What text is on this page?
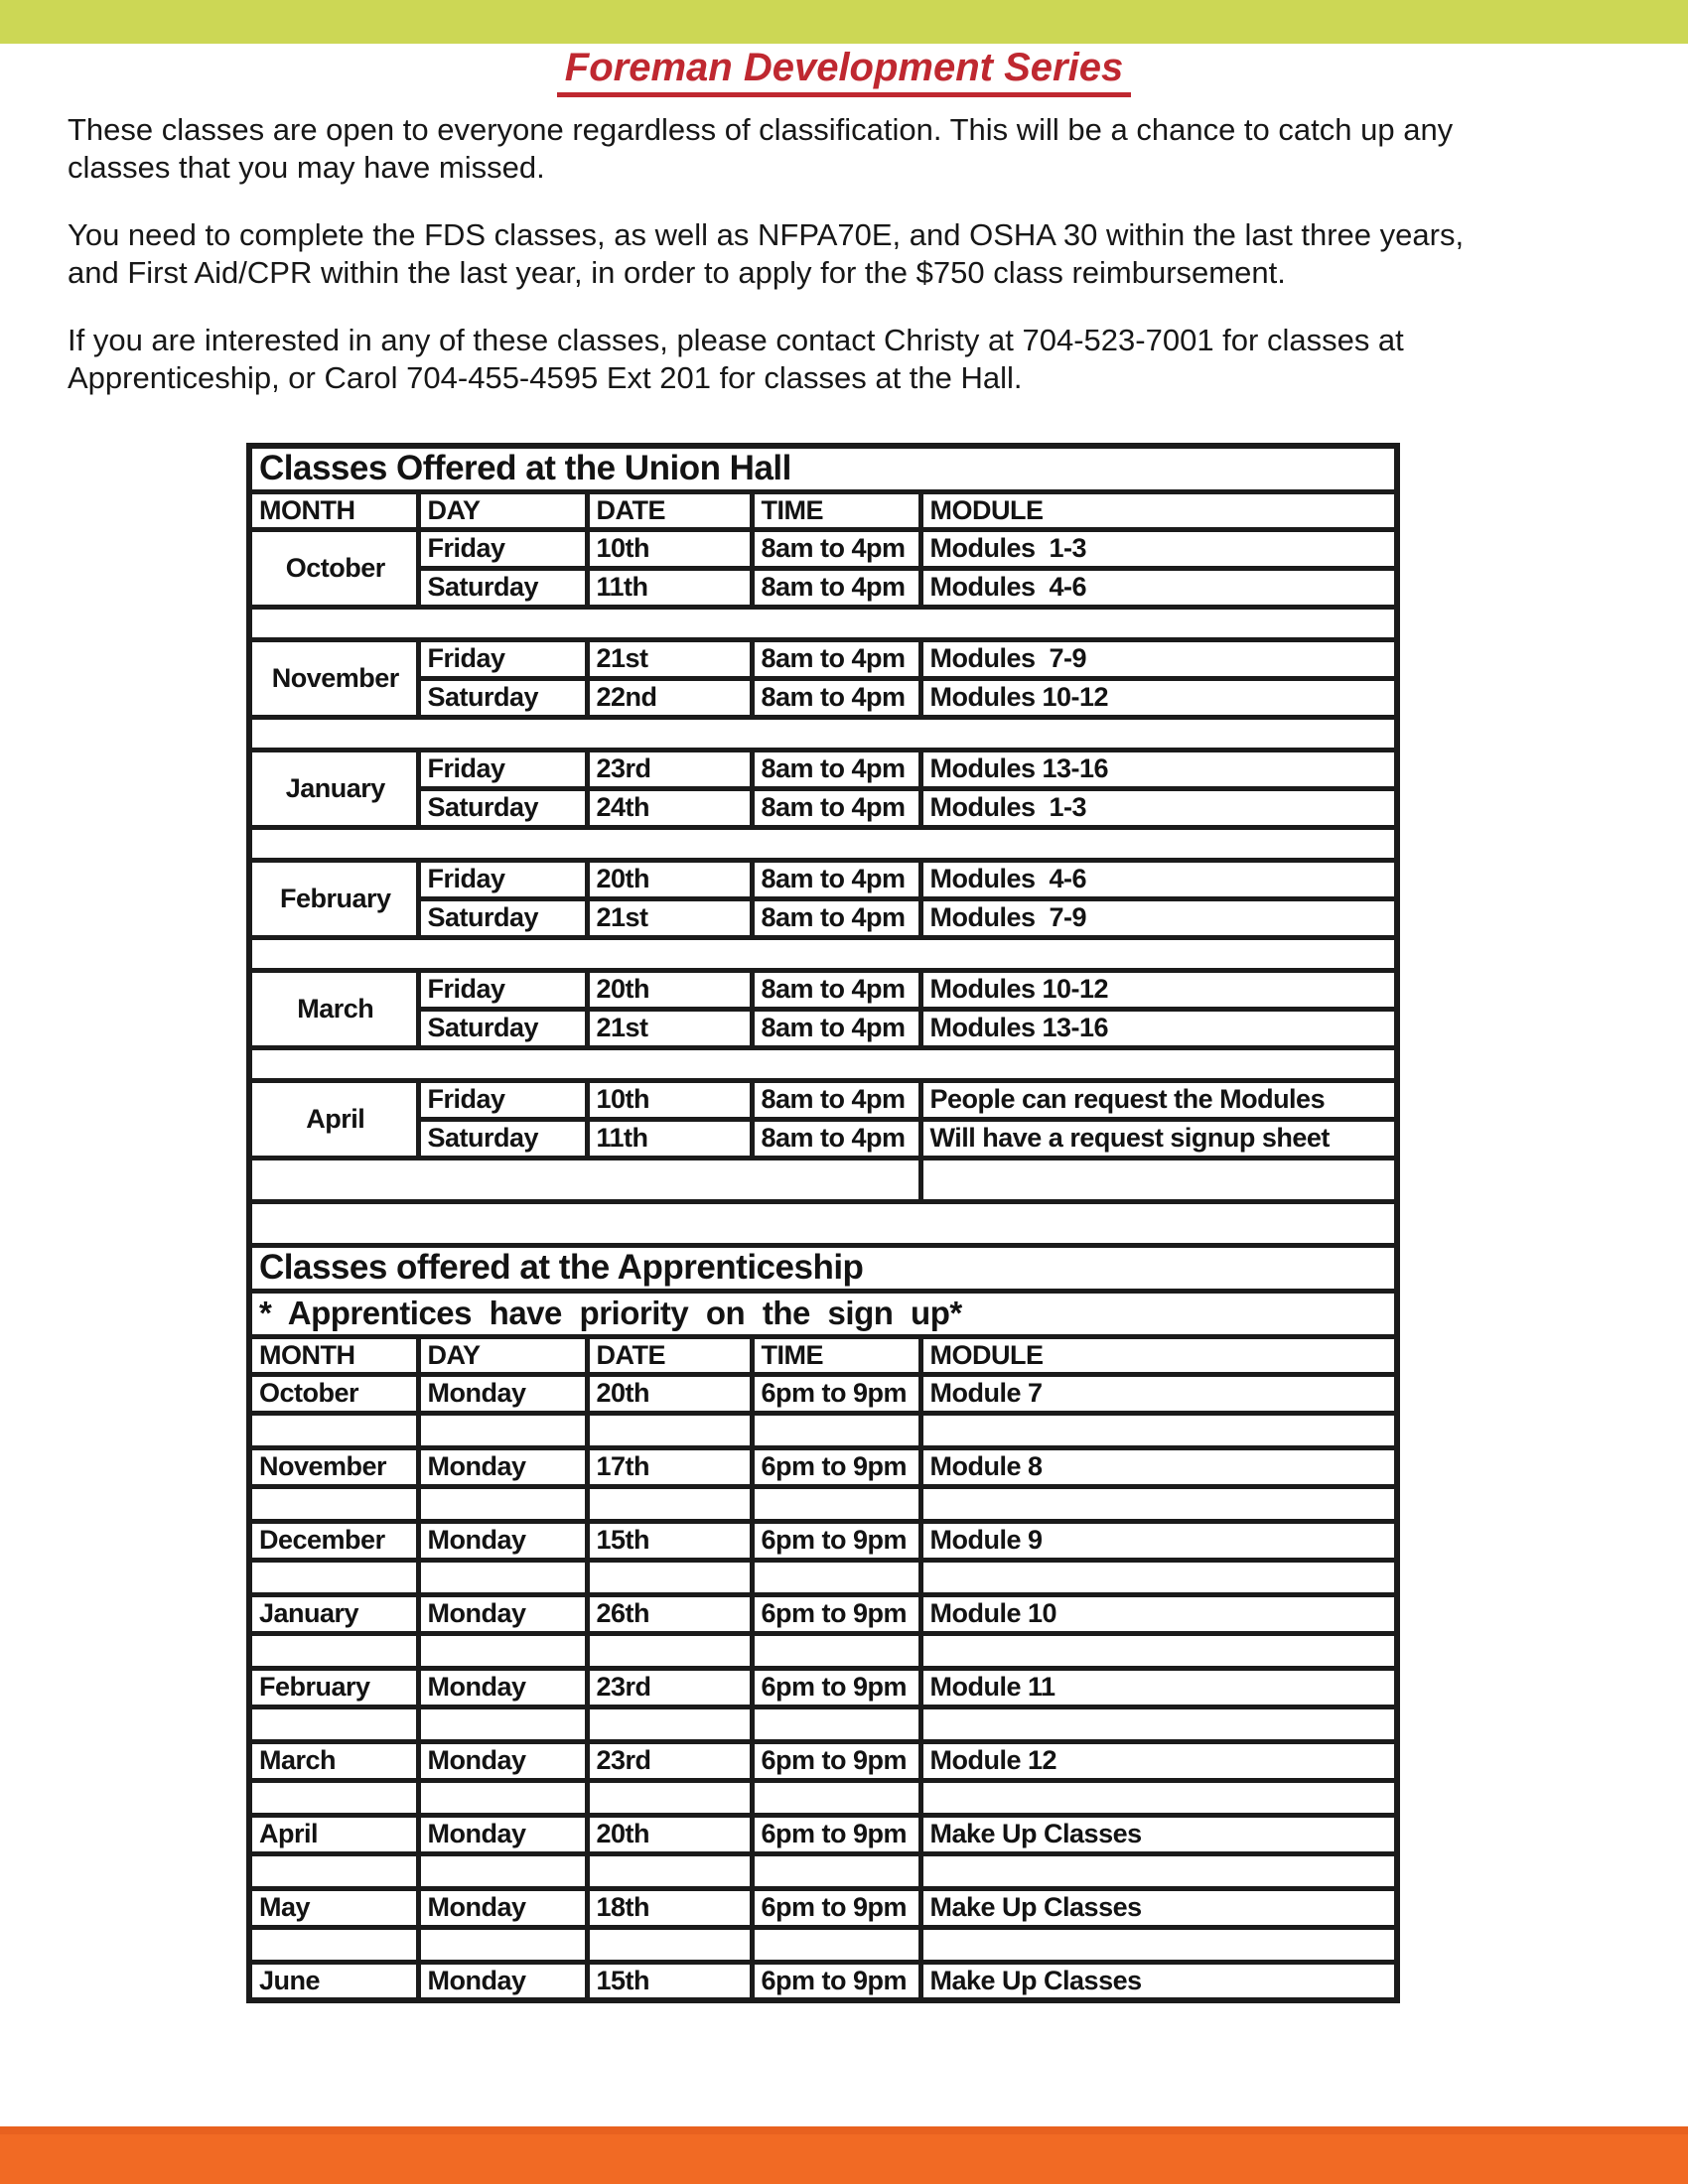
Foreman Development Series

These classes are open to everyone regardless of classification. This will be a chance to catch up any
classes that you may have missed.

You need to complete the FDS classes, as well as NFPA70E, and OSHA 30 within the last three years,
and First Aid/CPR within the last year, in order to apply for the $750 class reimbursement.

If you are interested in any of these classes, please contact Christy at 704-523-7001 for classes at
Apprenticeship, or Carol 704-455-4595 Ext 201 for classes at the Hall.

Classes Offered at the Union Hall				
MONTH	DAY	DATE	TIME	MODULE
October	Friday	10th	8am to 4pm	Modules  1-3
	Saturday	11th	8am to 4pm	Modules  4-6

November	Friday	21st	8am to 4pm	Modules  7-9
	Saturday	22nd	8am to 4pm	Modules 10-12

January	Friday	23rd	8am to 4pm	Modules 13-16
	Saturday	24th	8am to 4pm	Modules  1-3

February	Friday	20th	8am to 4pm	Modules  4-6
	Saturday	21st	8am to 4pm	Modules  7-9

March	Friday	20th	8am to 4pm	Modules 10-12
	Saturday	21st	8am to 4pm	Modules 13-16

April	Friday	10th	8am to 4pm	People can request the Modules
	Saturday	11th	8am to 4pm	Will have a request signup sheet

Classes offered at the Apprenticeship				
* Apprentices have priority on the sign up*				
MONTH	DAY	DATE	TIME	MODULE
October	Monday	20th	6pm to 9pm	Module 7

November	Monday	17th	6pm to 9pm	Module 8

December	Monday	15th	6pm to 9pm	Module 9

January	Monday	26th	6pm to 9pm	Module 10

February	Monday	23rd	6pm to 9pm	Module 11

March	Monday	23rd	6pm to 9pm	Module 12

April	Monday	20th	6pm to 9pm	Make Up Classes

May	Monday	18th	6pm to 9pm	Make Up Classes

June	Monday	15th	6pm to 9pm	Make Up Classes
